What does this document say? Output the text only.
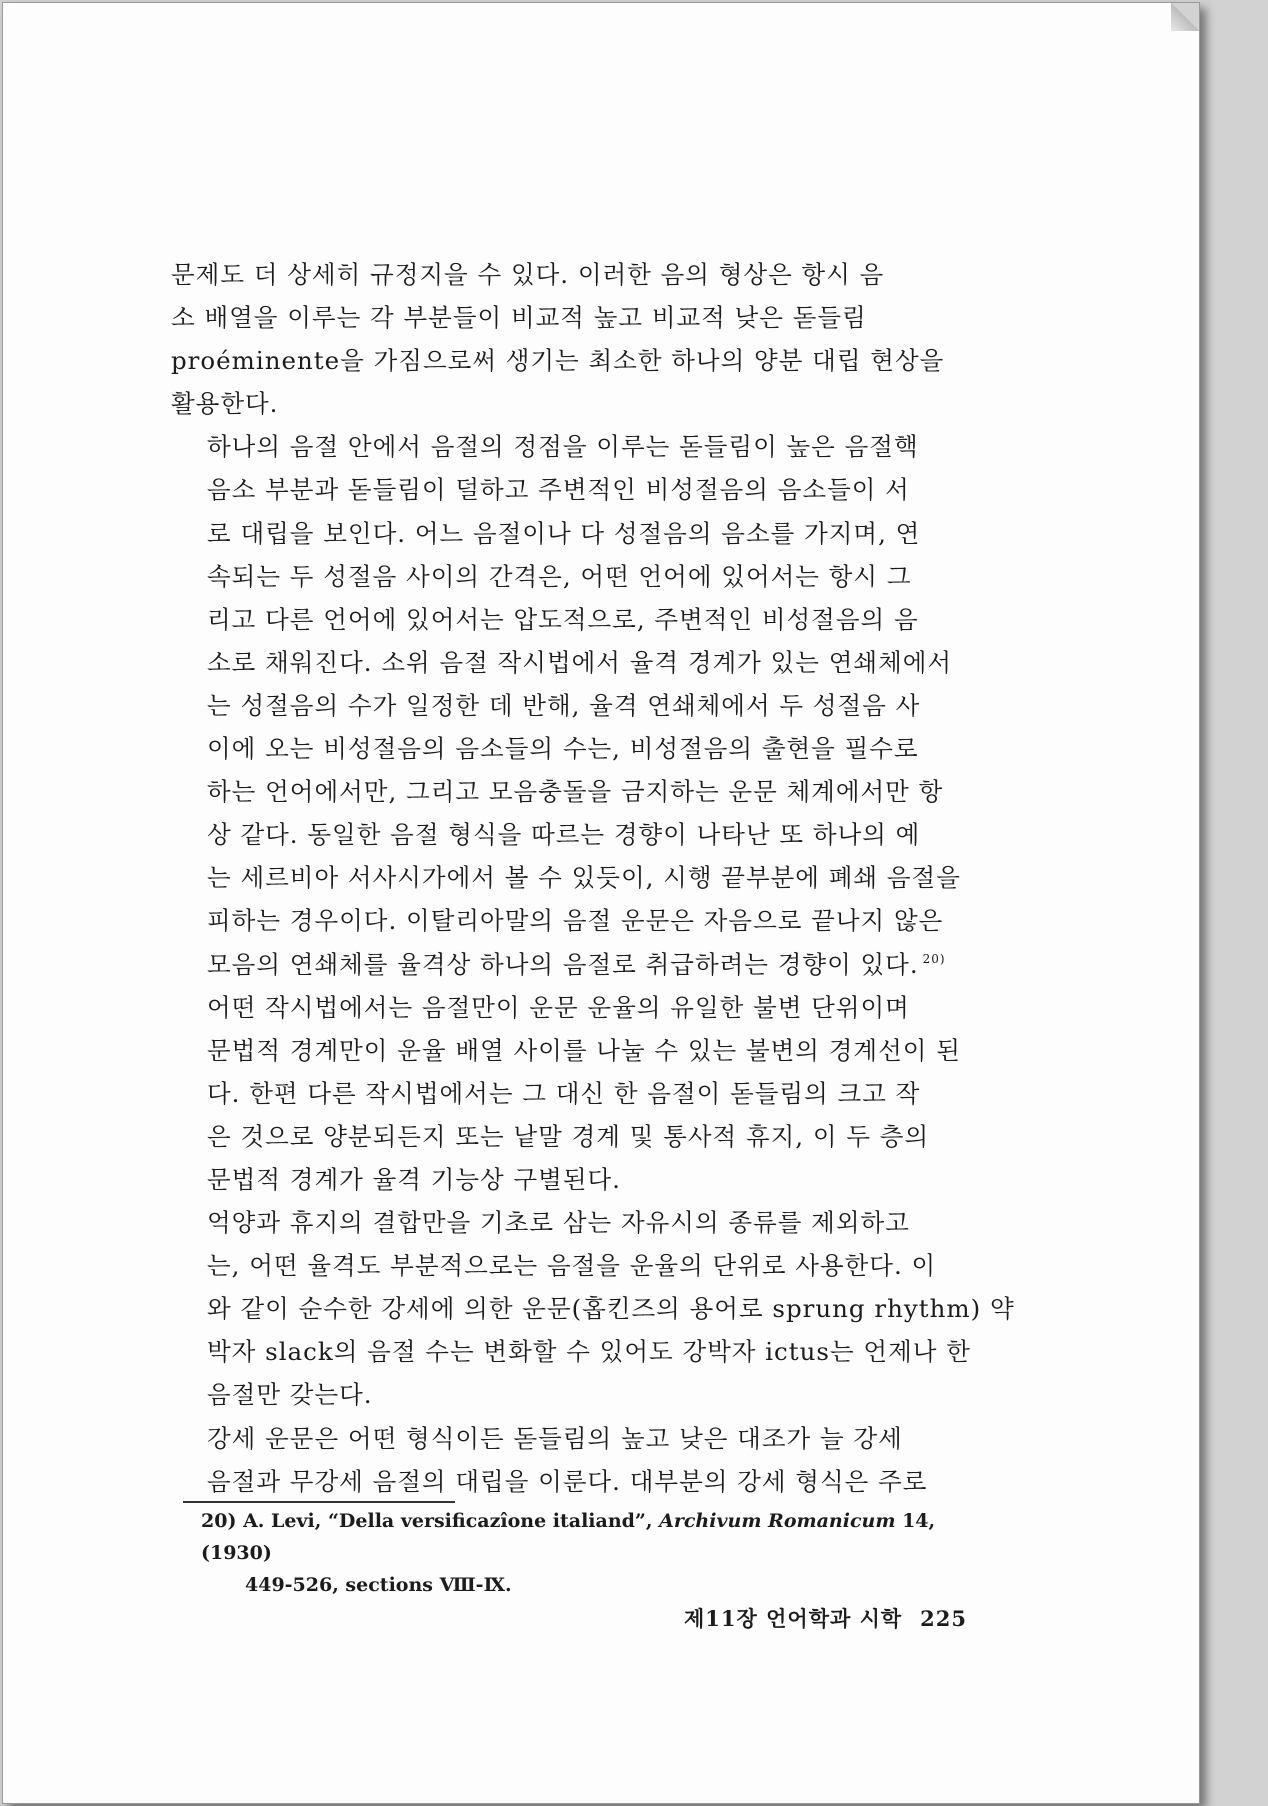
문제도 더 상세히 규정지을 수 있다. 이러한 음의 형상은 항시 음
소 배열을 이루는 각 부분들이 비교적 높고 비교적 낮은 돋들림
proéminente을 가짐으로써 생기는 최소한 하나의 양분 대립 현상을
활용한다.

하나의 음절 안에서 음절의 정점을 이루는 돋들림이 높은 음절핵
음소 부분과 돋들림이 덜하고 주변적인 비성절음의 음소들이 서
로 대립을 보인다. 어느 음절이나 다 성절음의 음소를 가지며, 연
속되는 두 성절음 사이의 간격은, 어떤 언어에 있어서는 항시 그
리고 다른 언어에 있어서는 압도적으로, 주변적인 비성절음의 음
소로 채워진다. 소위 음절 작시법에서 율격 경계가 있는 연쇄체에서
는 성절음의 수가 일정한 데 반해, 율격 연쇄체에서 두 성절음 사
이에 오는 비성절음의 음소들의 수는, 비성절음의 출현을 필수로
하는 언어에서만, 그리고 모음충돌을 금지하는 운문 체계에서만 항
상 같다. 동일한 음절 형식을 따르는 경향이 나타난 또 하나의 예
는 세르비아 서사시가에서 볼 수 있듯이, 시행 끝부분에 폐쇄 음절을
피하는 경우이다. 이탈리아말의 음절 운문은 자음으로 끝나지 않은
모음의 연쇄체를 율격상 하나의 음절로 취급하려는 경향이 있다. $^{20)}$

어떤 작시법에서는 음절만이 운문 운율의 유일한 불변 단위이며
문법적 경계만이 운율 배열 사이를 나눌 수 있는 불변의 경계선이 된
다. 한편 다른 작시법에서는 그 대신 한 음절이 돋들림의 크고 작
은 것으로 양분되든지 또는 낱말 경계 및 통사적 휴지, 이 두 층의
문법적 경계가 율격 기능상 구별된다.

억양과 휴지의 결합만을 기초로 삼는 자유시의 종류를 제외하고
는, 어떤 율격도 부분적으로는 음절을 운율의 단위로 사용한다. 이
와 같이 순수한 강세에 의한 운문(홉킨즈의 용어로 sprung rhythm) 약
박자 slack의 음절 수는 변화할 수 있어도 강박자 ictus는 언제나 한
음절만 갖는다.

강세 운문은 어떤 형식이든 돋들림의 높고 낮은 대조가 늘 강세
음절과 무강세 음절의 대립을 이룬다. 대부분의 강세 형식은 주로

20) A. Levi, “Della versificazîone italiand”, Archivum Romanicum 14, (1930)
449-526, sections Ⅷ-Ⅸ.
제11장 언어학과 시학 225
